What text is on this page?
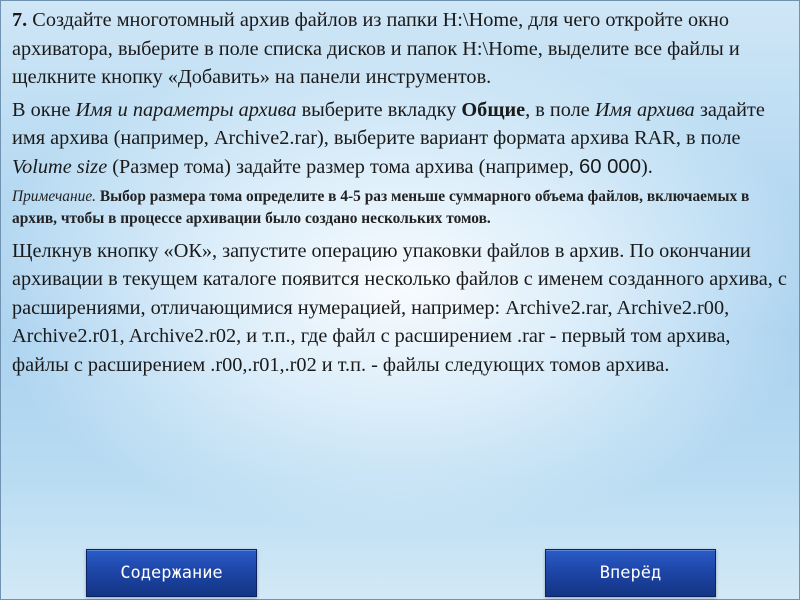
7. Создайте многотомный архив файлов из папки H:\Home, для чего откройте окно архиватора, выберите в поле списка дисков и папок H:\Home, выделите все файлы и щелкните кнопку «Добавить» на панели инструментов.

В окне Имя и параметры архива выберите вкладку Общие, в поле Имя архива задайте имя архива (например, Archive2.rar), выберите вариант формата архива RAR, в поле Volume size (Размер тома) задайте размер тома архива (например, 60 000).

Примечание. Выбор размера тома определите в 4-5 раз меньше суммарного объема файлов, включаемых в архив, чтобы в процессе архивации было создано нескольких томов.

Щелкнув кнопку «ОК», запустите операцию упаковки файлов в архив. По окончании архивации в текущем каталоге появится несколько файлов с именем созданного архива, с расширениями, отличающимися нумерацией, например: Archive2.rar, Archive2.r00, Archive2.r01, Archive2.r02, и т.п., где файл с расширением .rar - первый том архива, файлы с расширением .r00,.r01,.r02 и т.п. - файлы следующих томов архива.

Содержание	Вперёд
